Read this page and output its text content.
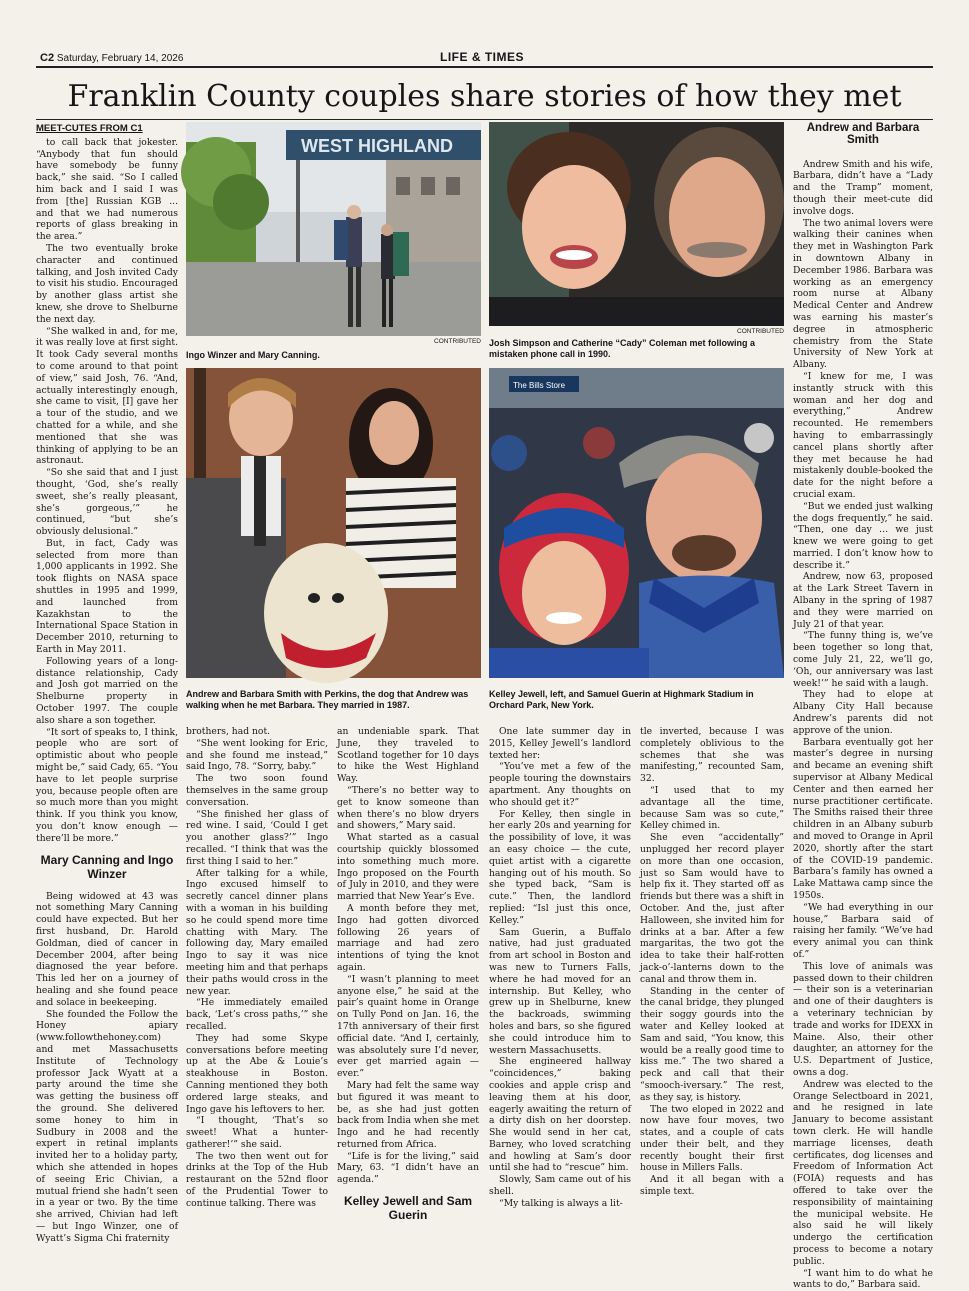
C2 Saturday, February 14, 2026	LIFE & TIMES
Franklin County couples share stories of how they met
MEET-CUTES FROM C1

to call back that jokester. “Anybody that fun should have somebody be funny back,” she said. “So I called him back and I said I was from [the] Russian KGB ... and that we had numerous reports of glass breaking in the area.”

The two eventually broke character and continued talking, and Josh invited Cady to visit his studio. Encouraged by another glass artist she knew, she drove to Shelburne the next day.

“She walked in and, for me, it was really love at first sight. It took Cady several months to come around to that point of view,” said Josh, 76. “And, actually interestingly enough, she came to visit, [I] gave her a tour of the studio, and we chatted for a while, and she mentioned that she was thinking of applying to be an astronaut.

“So she said that and I just thought, ‘God, she’s really sweet, she’s really pleasant, she’s gorgeous,’” he continued, “but she’s obviously delusional.”

But, in fact, Cady was selected from more than 1,000 applicants in 1992. She took flights on NASA space shuttles in 1995 and 1999, and launched from Kazakhstan to the International Space Station in December 2010, returning to Earth in May 2011.

Following years of a long-distance relationship, Cady and Josh got married on the Shelburne property in October 1997. The couple also share a son together.

“It sort of speaks to, I think, people who are sort of optimistic about who people might be,” said Cady, 65. “You have to let people surprise you, because people often are so much more than you might think. If you think you know, you don’t know enough — there’ll be more.”

Mary Canning and Ingo Winzer

Being widowed at 43 was not something Mary Canning could have expected. But her first husband, Dr. Harold Goldman, died of cancer in December 2004, after being diagnosed the year before. This led her on a journey of healing and she found peace and solace in beekeeping.

She founded the Follow the Honey apiary (www.followthehoney.com) and met Massachusetts Institute of Technology professor Jack Wyatt at a party around the time she was getting the business off the ground. She delivered some honey to him in Sudbury in 2008 and the expert in retinal implants invited her to a holiday party, which she attended in hopes of seeing Eric Chivian, a mutual friend she hadn’t seen in a year or two. By the time she arrived, Chivian had left — but Ingo Winzer, one of Wyatt’s Sigma Chi fraternity

WEST HIGHLAND
CONTRIBUTED
Ingo Winzer and Mary Canning.
CONTRIBUTED
Josh Simpson and Catherine “Cady” Coleman met following a mistaken phone call in 1990.
Andrew and Barbara Smith with Perkins, the dog that Andrew was walking when he met Barbara. They married in 1987.
The Bills Store
Kelley Jewell, left, and Samuel Guerin at Highmark Stadium in Orchard Park, New York.

brothers, had not.

“She went looking for Eric, and she found me instead,” said Ingo, 78. “Sorry, baby.”

The two soon found themselves in the same group conversation.

“She finished her glass of red wine. I said, ‘Could I get you another glass?’” Ingo recalled. “I think that was the first thing I said to her.”

After talking for a while, Ingo excused himself to secretly cancel dinner plans with a woman in his building so he could spend more time chatting with Mary. The following day, Mary emailed Ingo to say it was nice meeting him and that perhaps their paths would cross in the new year.

“He immediately emailed back, ‘Let’s cross paths,’” she recalled.

They had some Skype conversations before meeting up at the Abe & Louie’s steakhouse in Boston. Canning mentioned they both ordered large steaks, and Ingo gave his leftovers to her.

“I thought, ‘That’s so sweet! What a hunter-gatherer!’” she said.

The two then went out for drinks at the Top of the Hub restaurant on the 52nd floor of the Prudential Tower to continue talking. There was

an undeniable spark. That June, they traveled to Scotland together for 10 days to hike the West Highland Way.

“There’s no better way to get to know someone than when there’s no blow dryers and showers,” Mary said.

What started as a casual courtship quickly blossomed into something much more. Ingo proposed on the Fourth of July in 2010, and they were married that New Year’s Eve.

A month before they met, Ingo had gotten divorced following 26 years of marriage and had zero intentions of tying the knot again.

“I wasn’t planning to meet anyone else,” he said at the pair’s quaint home in Orange on Tully Pond on Jan. 16, the 17th anniversary of their first official date. “And I, certainly, was absolutely sure I’d never, ever get married again — ever.”

Mary had felt the same way but figured it was meant to be, as she had just gotten back from India when she met Ingo and he had recently returned from Africa.

“Life is for the living,” said Mary, 63. “I didn’t have an agenda.”

Kelley Jewell and Sam Guerin

One late summer day in 2015, Kelley Jewell’s landlord texted her:

“You’ve met a few of the people touring the downstairs apartment. Any thoughts on who should get it?”

For Kelley, then single in her early 20s and yearning for the possibility of love, it was an easy choice — the cute, quiet artist with a cigarette hanging out of his mouth. So she typed back, “Sam is cute.” Then, the landlord replied: “Isl just this once, Kelley.”

Sam Guerin, a Buffalo native, had just graduated from art school in Boston and was new to Turners Falls, where he had moved for an internship. But Kelley, who grew up in Shelburne, knew the backroads, swimming holes and bars, so she figured she could introduce him to western Massachusetts.

She engineered hallway “coincidences,” baking cookies and apple crisp and leaving them at his door, eagerly awaiting the return of a dirty dish on her doorstep. She would send in her cat, Barney, who loved scratching and howling at Sam’s door until she had to “rescue” him.

Slowly, Sam came out of his shell.

“My talking is always a lit-

tle inverted, because I was completely oblivious to the schemes that she was manifesting,” recounted Sam, 32.

“I used that to my advantage all the time, because Sam was so cute,” Kelley chimed in.

She even “accidentally” unplugged her record player on more than one occasion, just so Sam would have to help fix it. They started off as friends but there was a shift in October. And the, just after Halloween, she invited him for drinks at a bar. After a few margaritas, the two got the idea to take their half-rotten jack-o’-lanterns down to the canal and throw them in.

Standing in the center of the canal bridge, they plunged their soggy gourds into the water and Kelley looked at Sam and said, “You know, this would be a really good time to kiss me.” The two shared a peck and call that their “smooch-iversary.” The rest, as they say, is history.

The two eloped in 2022 and now have four moves, two states, and a couple of cats under their belt, and they recently bought their first house in Millers Falls.

And it all began with a simple text.

Andrew and Barbara Smith

Andrew Smith and his wife, Barbara, didn’t have a “Lady and the Tramp” moment, though their meet-cute did involve dogs.

The two animal lovers were walking their canines when they met in Washington Park in downtown Albany in December 1986. Barbara was working as an emergency room nurse at Albany Medical Center and Andrew was earning his master’s degree in atmospheric chemistry from the State University of New York at Albany.

“I knew for me, I was instantly struck with this woman and her dog and everything,” Andrew recounted. He remembers having to embarrassingly cancel plans shortly after they met because he had mistakenly double-booked the date for the night before a crucial exam.

“But we ended just walking the dogs frequently,” he said. “Then, one day … we just knew we were going to get married. I don’t know how to describe it.”

Andrew, now 63, proposed at the Lark Street Tavern in Albany in the spring of 1987 and they were married on July 21 of that year.

“The funny thing is, we’ve been together so long that, come July 21, 22, we’ll go, ‘Oh, our anniversary was last week!’” he said with a laugh.

They had to elope at Albany City Hall because Andrew’s parents did not approve of the union.

Barbara eventually got her master’s degree in nursing and became an evening shift supervisor at Albany Medical Center and then earned her nurse practitioner certificate. The Smiths raised their three children in an Albany suburb and moved to Orange in April 2020, shortly after the start of the COVID-19 pandemic. Barbara’s family has owned a Lake Mattawa camp since the 1950s.

“We had everything in our house,” Barbara said of raising her family. “We’ve had every animal you can think of.”

This love of animals was passed down to their children — their son is a veterinarian and one of their daughters is a veterinary technician by trade and works for IDEXX in Maine. Also, their other daughter, an attorney for the U.S. Department of Justice, owns a dog.

Andrew was elected to the Orange Selectboard in 2021, and he resigned in late January to become assistant town clerk. He will handle marriage licenses, death certificates, dog licenses and Freedom of Information Act (FOIA) requests and has offered to take over the responsibility of maintaining the municipal website. He also said he will likely undergo the certification process to become a notary public.

“I want him to do what he wants to do,” Barbara said.
